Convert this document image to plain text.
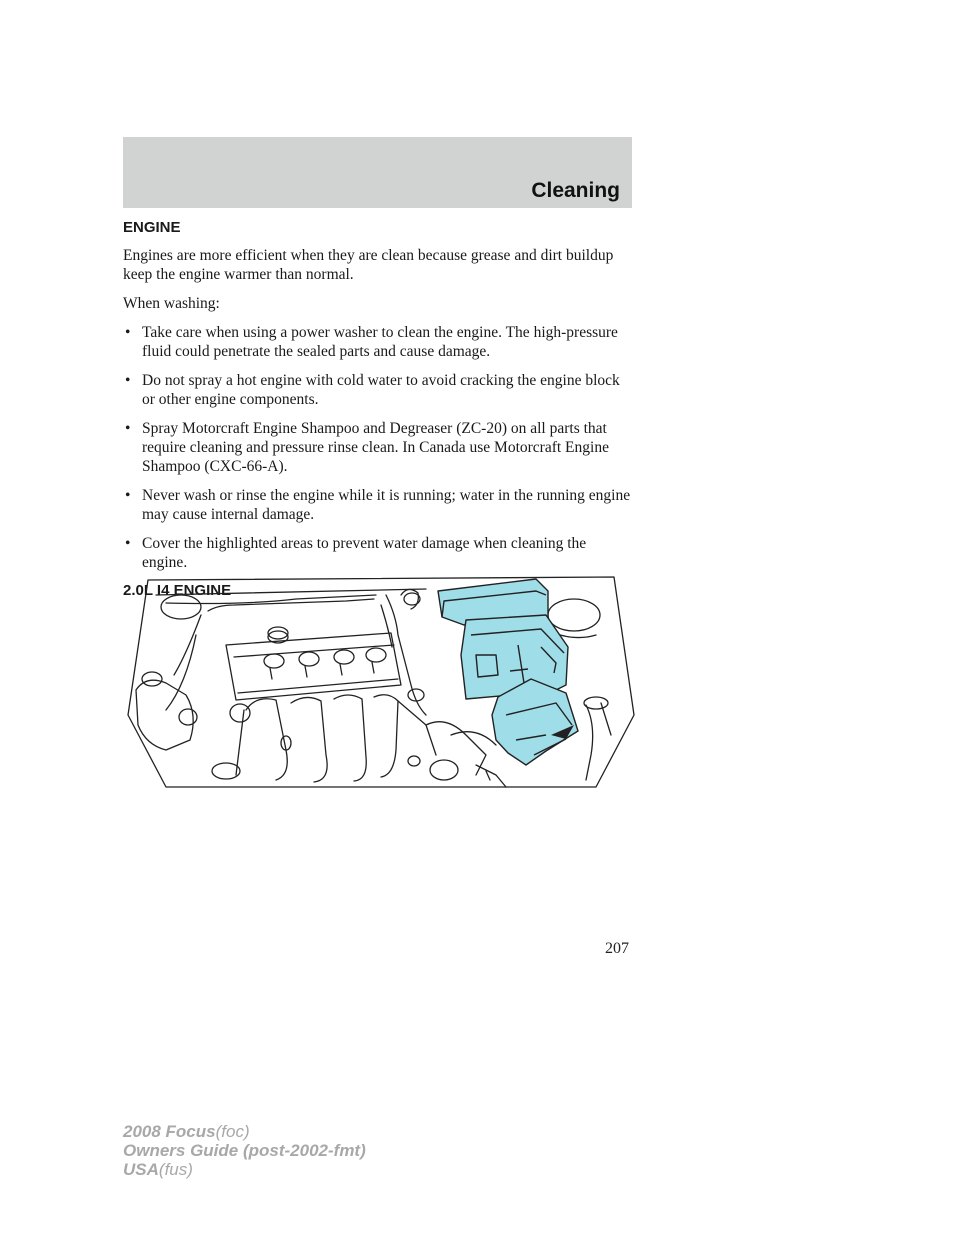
Cleaning
ENGINE

Engines are more efficient when they are clean because grease and dirt buildup keep the engine warmer than normal.

When washing:

• Take care when using a power washer to clean the engine. The high-pressure fluid could penetrate the sealed parts and cause damage.
• Do not spray a hot engine with cold water to avoid cracking the engine block or other engine components.
• Spray Motorcraft Engine Shampoo and Degreaser (ZC-20) on all parts that require cleaning and pressure rinse clean. In Canada use Motorcraft Engine Shampoo (CXC-66-A).
• Never wash or rinse the engine while it is running; water in the running engine may cause internal damage.
• Cover the highlighted areas to prevent water damage when cleaning the engine.
2.0L I4 ENGINE
207
2008 Focus(foc)
Owners Guide (post-2002-fmt)
USA(fus)
